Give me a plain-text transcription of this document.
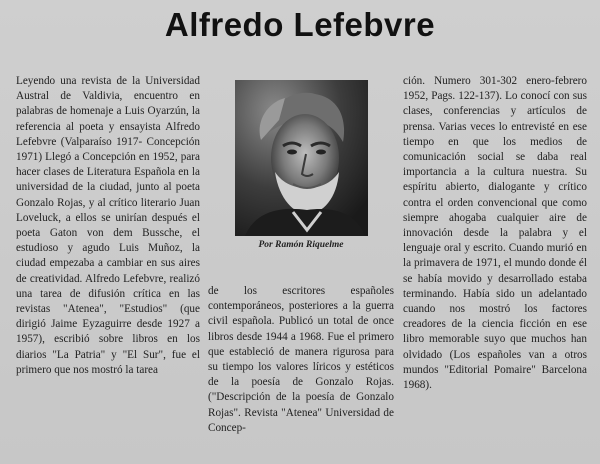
Alfredo Lefebvre
Leyendo una revista de la Universidad Austral de Valdivia, encuentro en palabras de homenaje a Luis Oyarzún, la referencia al poeta y ensayista Alfredo Lefebvre (Valparaíso 1917- Concepción 1971) Llegó a Concepción en 1952, para hacer clases de Literatura Española en la universidad de la ciudad, junto al poeta Gonzalo Rojas, y al crítico literario Juan Loveluck, a ellos se unirían después el poeta Gaton von dem Bussche, el estudioso y agudo Luis Muñoz, la ciudad empezaba a cambiar en sus aires de creatividad. Alfredo Lefebvre, realizó una tarea de difusión crítica en las revistas "Atenea", "Estudios" (que dirigió Jaime Eyzaguirre desde 1927 a 1957), escribió sobre libros en los diarios "La Patria" y "El Sur", fue el primero que nos mostró la tarea
Por Ramón Riquelme
de los escritores españoles contemporáneos, posteriores a la guerra civil española. Publicó un total de once libros desde 1944 a 1968. Fue el primero que estableció de manera rigurosa para su tiempo los valores líricos y estéticos de la poesía de Gonzalo Rojas. ("Descripción de la poesía de Gonzalo Rojas". Revista "Atenea" Universidad de Concep-
ción. Numero 301-302 enero-febrero 1952, Pags. 122-137). Lo conocí con sus clases, conferencias y artículos de prensa. Varias veces lo entrevisté en ese tiempo en que los medios de comunicación social se daba real importancia a la cultura nuestra. Su espíritu abierto, dialogante y crítico contra el orden convencional que como siempre ahogaba cualquier aire de innovación desde la palabra y el lenguaje oral y escrito. Cuando murió en la primavera de 1971, el mundo donde él se había movido y desarrollado estaba terminando. Había sido un adelantado cuando nos mostró los factores creadores de la ciencia ficción en ese libro memorable suyo que muchos han olvidado (Los españoles van a otros mundos "Editorial Pomaire" Barcelona 1968).
